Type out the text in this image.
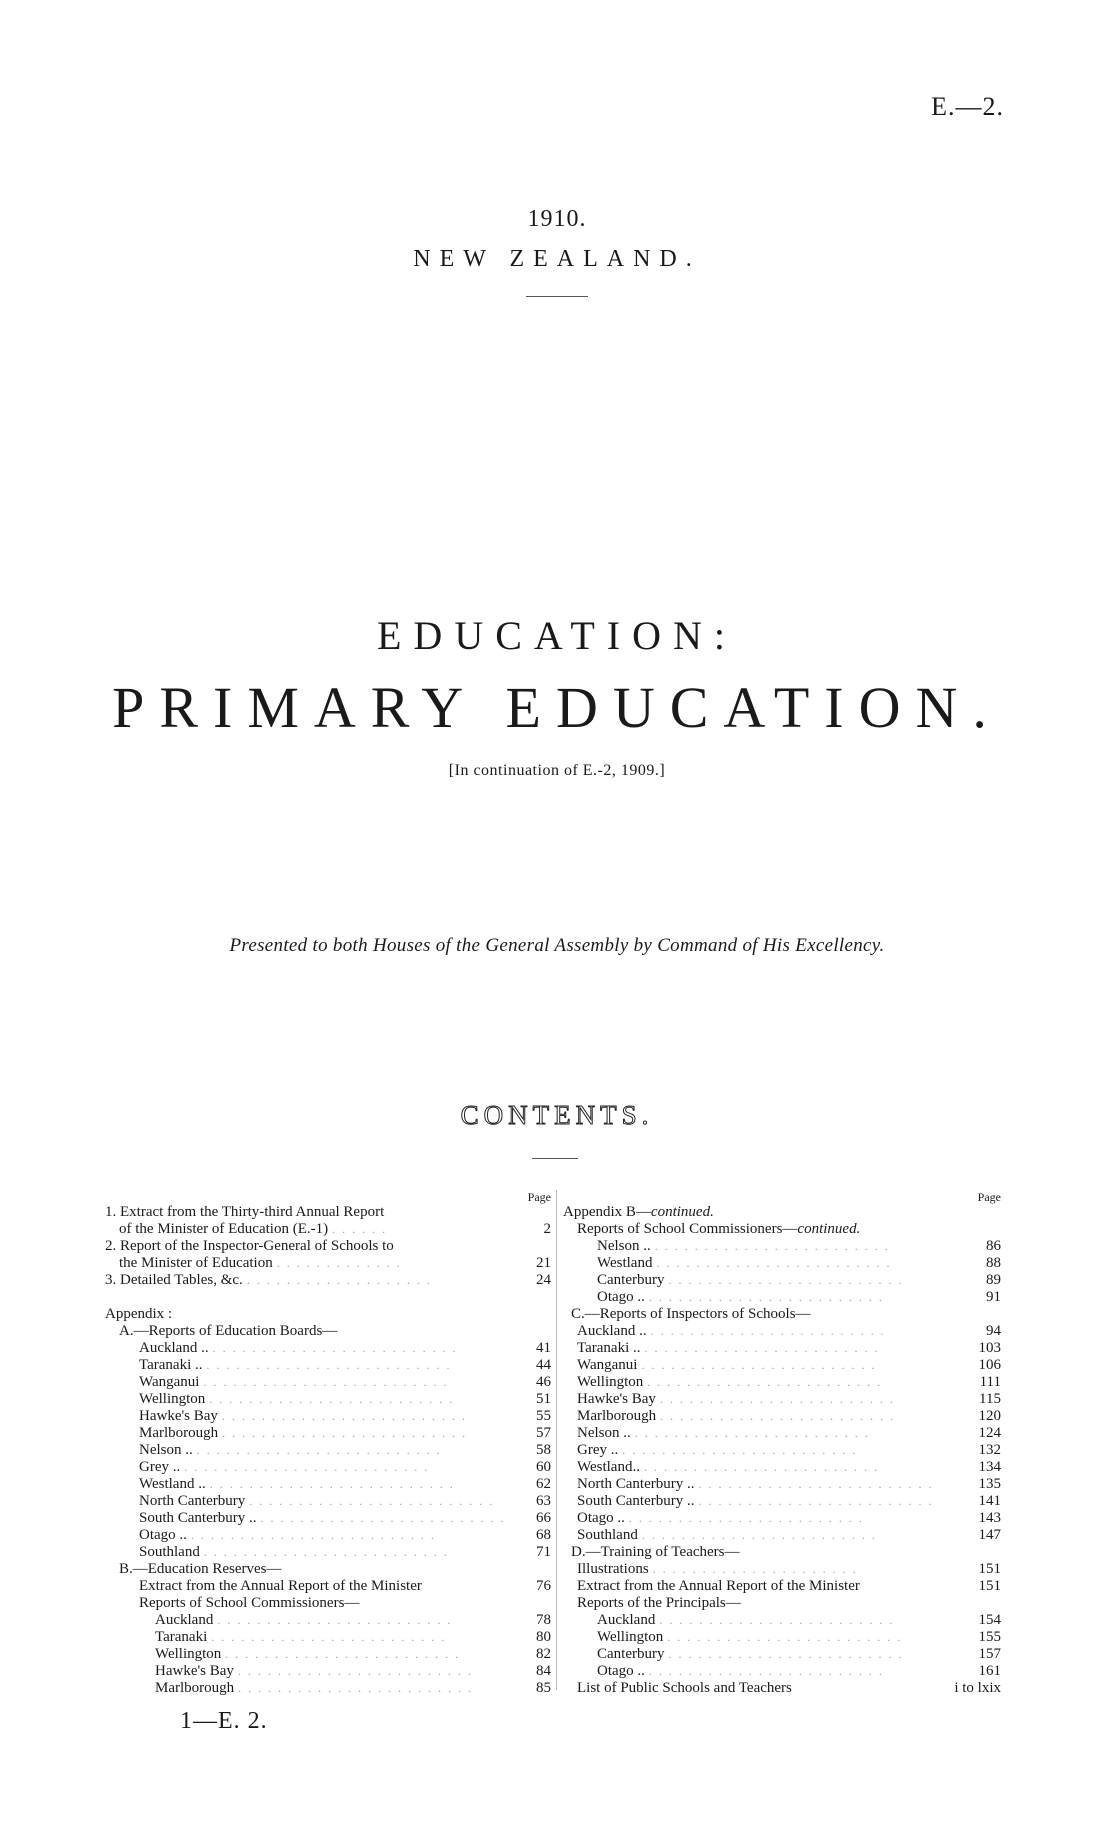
E.—2.
1910.
NEW ZEALAND.
EDUCATION:
PRIMARY EDUCATION.
[In continuation of E.-2, 1909.]
Presented to both Houses of the General Assembly by Command of His Excellency.
CONTENTS.
Page
1. Extract from the Thirty-third Annual Report
of the Minister of Education (E.-1) . . . . . .	2
2. Report of the Inspector-General of Schools to
the Minister of Education . . . . . . . . . . . . .	21
3. Detailed Tables, &c. . . . . . . . . . . . . . . . . . . .	24
Appendix :
A.—Reports of Education Boards—
Auckland .. . . . . . . . . . . . . . . . . . . . . . . . . .	41
Taranaki .. . . . . . . . . . . . . . . . . . . . . . . . . .	44
Wanganui . . . . . . . . . . . . . . . . . . . . . . . . .	46
Wellington . . . . . . . . . . . . . . . . . . . . . . . . .	51
Hawke's Bay . . . . . . . . . . . . . . . . . . . . . . . . .	55
Marlborough . . . . . . . . . . . . . . . . . . . . . . . . .	57
Nelson .. . . . . . . . . . . . . . . . . . . . . . . . . .	58
Grey .. . . . . . . . . . . . . . . . . . . . . . . . . .	60
Westland .. . . . . . . . . . . . . . . . . . . . . . . . . .	62
North Canterbury . . . . . . . . . . . . . . . . . . . . . . . . .	63
South Canterbury .. . . . . . . . . . . . . . . . . . . . . . . . . .	66
Otago .. . . . . . . . . . . . . . . . . . . . . . . . . .	68
Southland . . . . . . . . . . . . . . . . . . . . . . . . .	71
B.—Education Reserves—
Extract from the Annual Report of the Minister	76
Reports of School Commissioners—
Auckland . . . . . . . . . . . . . . . . . . . . . . . .	78
Taranaki . . . . . . . . . . . . . . . . . . . . . . . .	80
Wellington . . . . . . . . . . . . . . . . . . . . . . . .	82
Hawke's Bay . . . . . . . . . . . . . . . . . . . . . . . .	84
Marlborough . . . . . . . . . . . . . . . . . . . . . . . .	85
Page
Appendix B— continued.
Reports of School Commissioners— continued.
Nelson .. . . . . . . . . . . . . . . . . . . . . . . . .	86
Westland . . . . . . . . . . . . . . . . . . . . . . . .	88
Canterbury . . . . . . . . . . . . . . . . . . . . . . . .	89
Otago .. . . . . . . . . . . . . . . . . . . . . . . . .	91
C.—Reports of Inspectors of Schools—
Auckland .. . . . . . . . . . . . . . . . . . . . . . . . .	94
Taranaki .. . . . . . . . . . . . . . . . . . . . . . . . .	103
Wanganui . . . . . . . . . . . . . . . . . . . . . . . .	106
Wellington . . . . . . . . . . . . . . . . . . . . . . . .	111
Hawke's Bay . . . . . . . . . . . . . . . . . . . . . . . .	115
Marlborough . . . . . . . . . . . . . . . . . . . . . . . .	120
Nelson .. . . . . . . . . . . . . . . . . . . . . . . . .	124
Grey .. . . . . . . . . . . . . . . . . . . . . . . . .	132
Westland.. . . . . . . . . . . . . . . . . . . . . . . . .	134
North Canterbury .. . . . . . . . . . . . . . . . . . . . . . . . .	135
South Canterbury .. . . . . . . . . . . . . . . . . . . . . . . . .	141
Otago .. . . . . . . . . . . . . . . . . . . . . . . . .	143
Southland . . . . . . . . . . . . . . . . . . . . . . . .	147
D.—Training of Teachers—
Illustrations . . . . . . . . . . . . . . . . . . . . .	151
Extract from the Annual Report of the Minister	151
Reports of the Principals—
Auckland . . . . . . . . . . . . . . . . . . . . . . . .	154
Wellington . . . . . . . . . . . . . . . . . . . . . . . .	155
Canterbury . . . . . . . . . . . . . . . . . . . . . . . .	157
Otago .. . . . . . . . . . . . . . . . . . . . . . . . .	161
List of Public Schools and Teachers	i to lxix
1—E. 2.
